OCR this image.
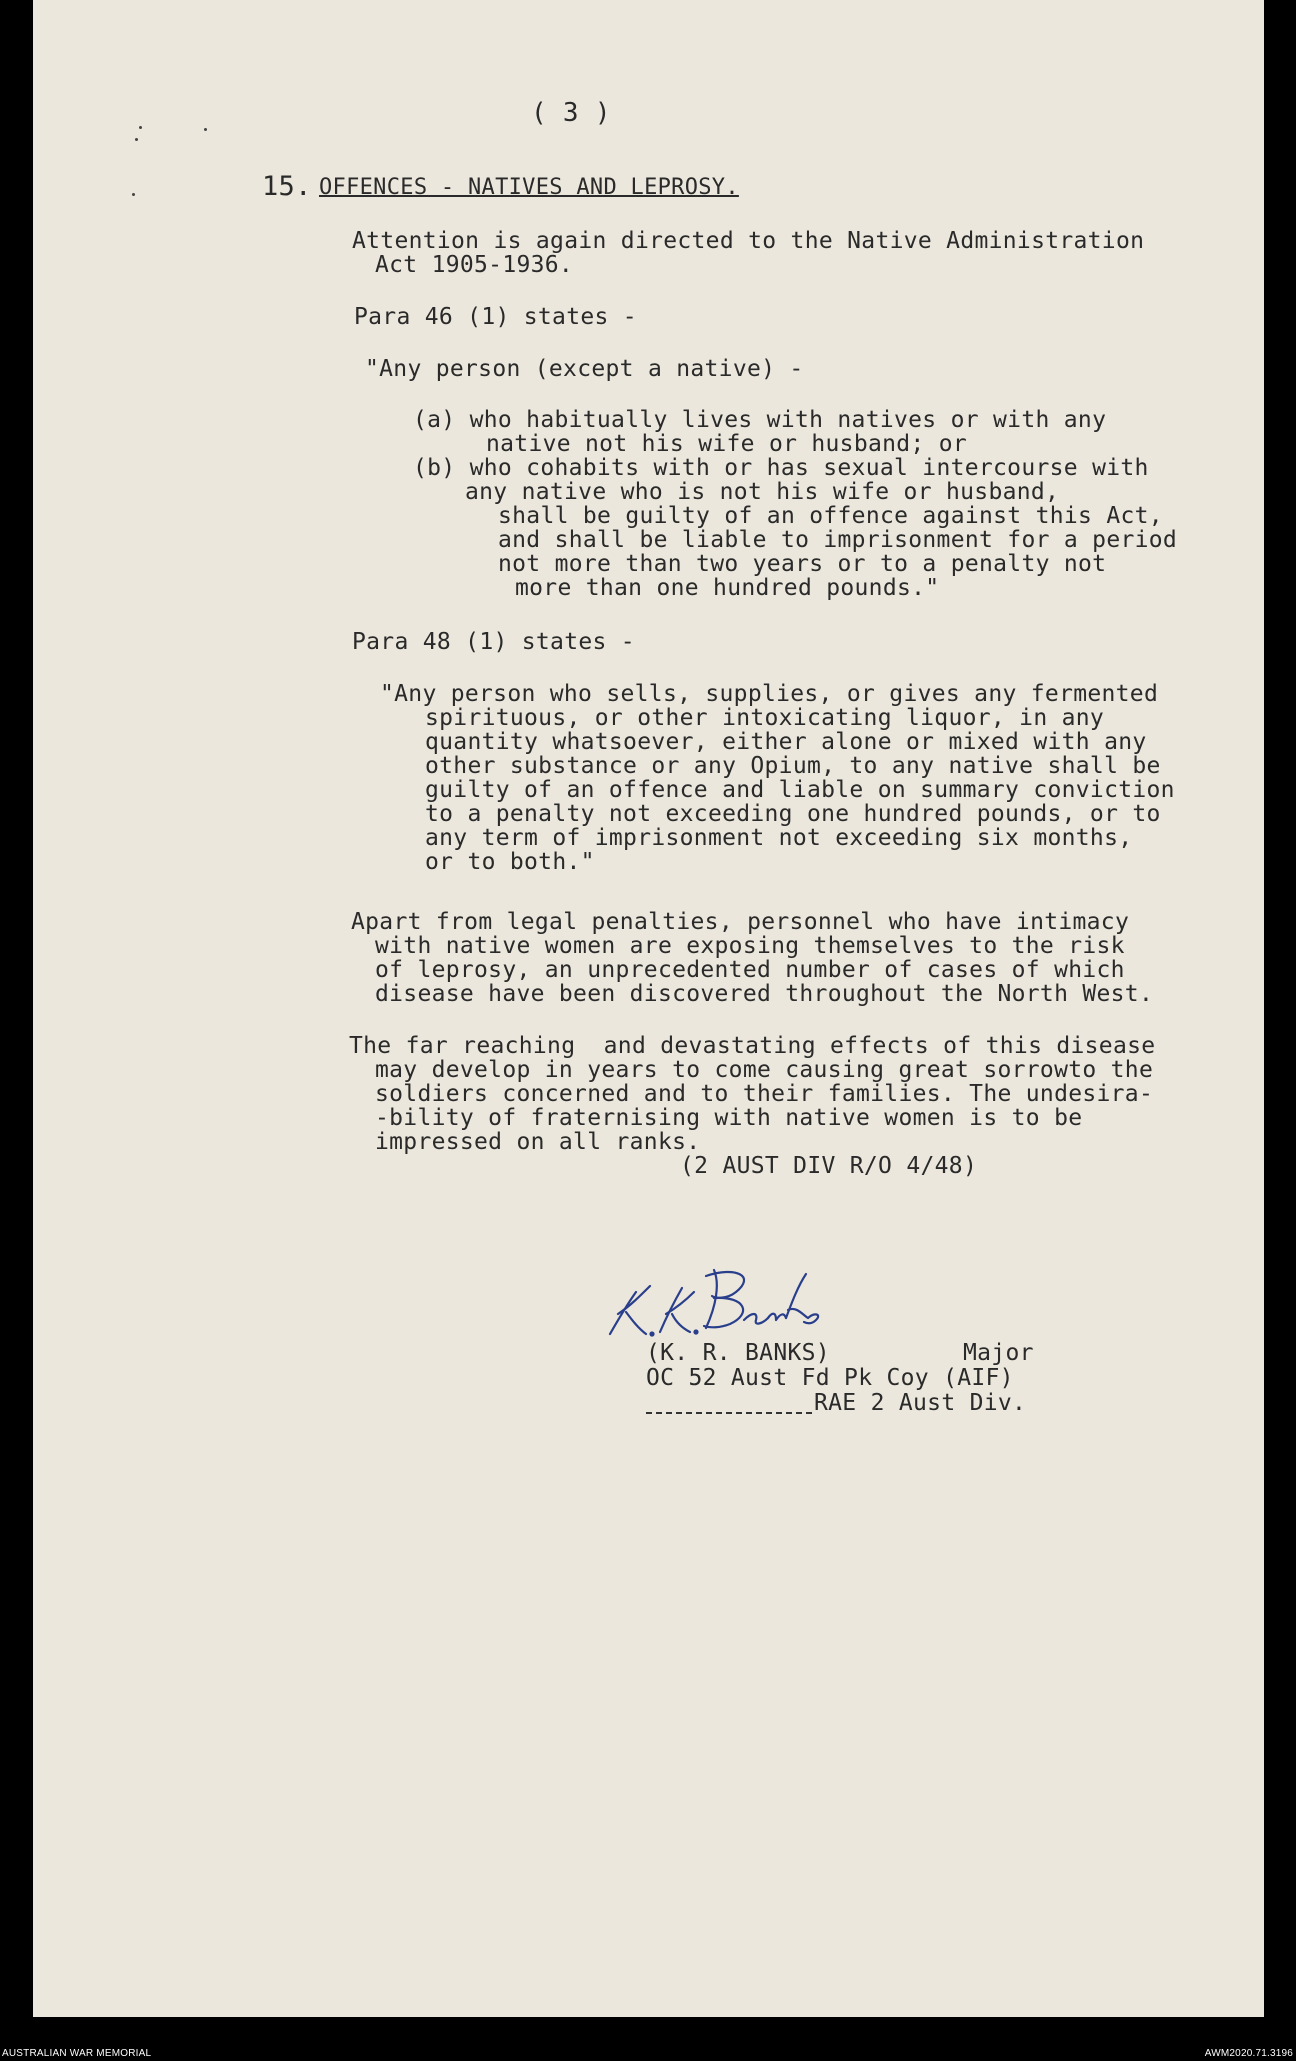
( 3 )
15. OFFENCES - NATIVES AND LEPROSY.
Attention is again directed to the Native Administration
Act 1905-1936.
Para 46 (1) states -
"Any person (except a native) -
(a) who habitually lives with natives or with any
native not his wife or husband; or
(b) who cohabits with or has sexual intercourse with
any native who is not his wife or husband,
shall be guilty of an offence against this Act,
and shall be liable to imprisonment for a period
not more than two years or to a penalty not
more than one hundred pounds."
Para 48 (1) states -
"Any person who sells, supplies, or gives any fermented
spirituous, or other intoxicating liquor, in any
quantity whatsoever, either alone or mixed with any
other substance or any Opium, to any native shall be
guilty of an offence and liable on summary conviction
to a penalty not exceeding one hundred pounds, or to
any term of imprisonment not exceeding six months,
or to both."
Apart from legal penalties, personnel who have intimacy
with native women are exposing themselves to the risk
of leprosy, an unprecedented number of cases of which
disease have been discovered throughout the North West.
The far reaching  and devastating effects of this disease
may develop in years to come causing great sorrowto the
soldiers concerned and to their families. The undesira-
-bility of fraternising with native women is to be
impressed on all ranks.
(2 AUST DIV R/O 4/48)
(K. R. BANKS)	Major
OC 52 Aust Fd Pk Coy (AIF)
RAE 2 Aust Div.
AUSTRALIAN WAR MEMORIAL	AWM2020.71.3196
